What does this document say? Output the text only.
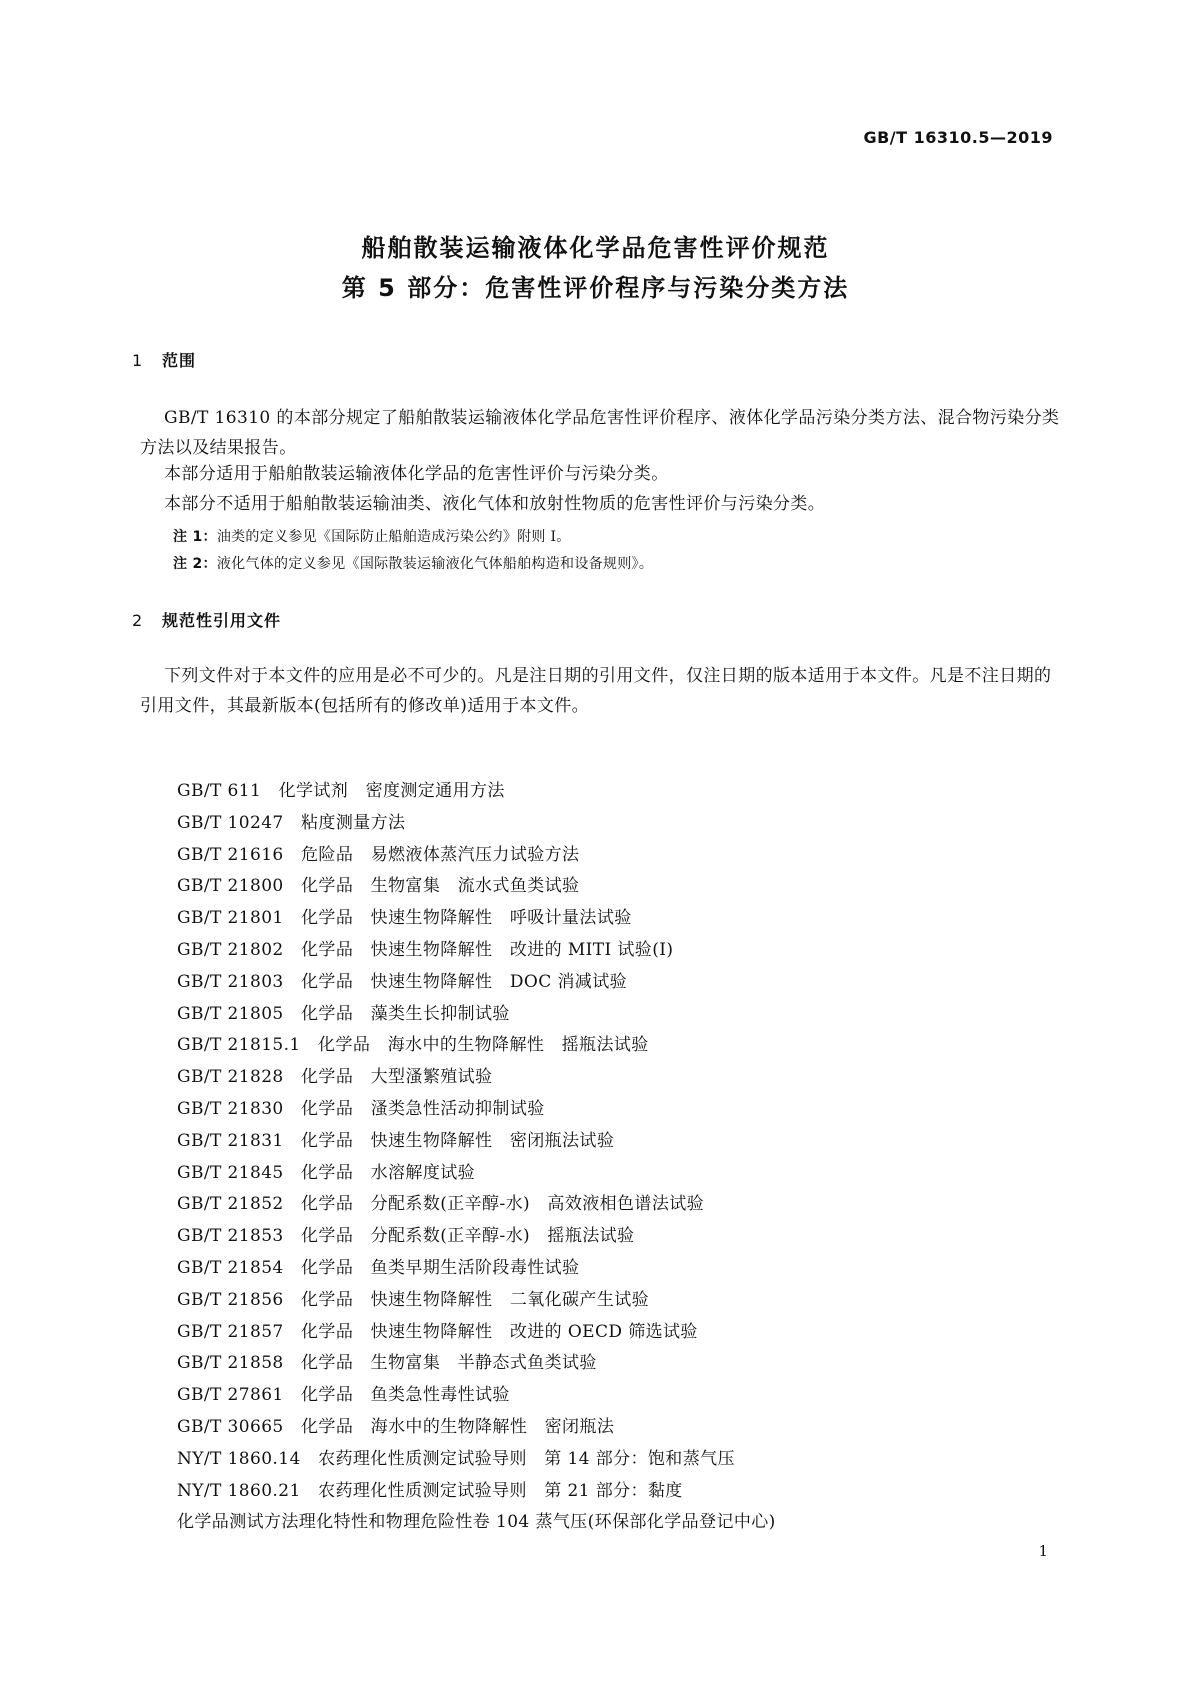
GB/T 16310.5—2019
船舶散装运输液体化学品危害性评价规范
第 5 部分：危害性评价程序与污染分类方法
1 范围
GB/T 16310 的本部分规定了船舶散装运输液体化学品危害性评价程序、液体化学品污染分类方法、混合物污染分类方法以及结果报告。
本部分适用于船舶散装运输液体化学品的危害性评价与污染分类。
本部分不适用于船舶散装运输油类、液化气体和放射性物质的危害性评价与污染分类。
注 1：油类的定义参见《国际防止船舶造成污染公约》附则 I。
注 2：液化气体的定义参见《国际散装运输液化气体船舶构造和设备规则》。
2 规范性引用文件
下列文件对于本文件的应用是必不可少的。凡是注日期的引用文件，仅注日期的版本适用于本文件。凡是不注日期的引用文件，其最新版本(包括所有的修改单)适用于本文件。
GB/T 611　化学试剂　密度测定通用方法
GB/T 10247　粘度测量方法
GB/T 21616　危险品　易燃液体蒸汽压力试验方法
GB/T 21800　化学品　生物富集　流水式鱼类试验
GB/T 21801　化学品　快速生物降解性　呼吸计量法试验
GB/T 21802　化学品　快速生物降解性　改进的 MITI 试验(I)
GB/T 21803　化学品　快速生物降解性　DOC 消减试验
GB/T 21805　化学品　藻类生长抑制试验
GB/T 21815.1　化学品　海水中的生物降解性　摇瓶法试验
GB/T 21828　化学品　大型溞繁殖试验
GB/T 21830　化学品　溞类急性活动抑制试验
GB/T 21831　化学品　快速生物降解性　密闭瓶法试验
GB/T 21845　化学品　水溶解度试验
GB/T 21852　化学品　分配系数(正辛醇-水)　高效液相色谱法试验
GB/T 21853　化学品　分配系数(正辛醇-水)　摇瓶法试验
GB/T 21854　化学品　鱼类早期生活阶段毒性试验
GB/T 21856　化学品　快速生物降解性　二氧化碳产生试验
GB/T 21857　化学品　快速生物降解性　改进的 OECD 筛选试验
GB/T 21858　化学品　生物富集　半静态式鱼类试验
GB/T 27861　化学品　鱼类急性毒性试验
GB/T 30665　化学品　海水中的生物降解性　密闭瓶法
NY/T 1860.14　农药理化性质测定试验导则　第 14 部分：饱和蒸气压
NY/T 1860.21　农药理化性质测定试验导则　第 21 部分：黏度
化学品测试方法理化特性和物理危险性卷 104 蒸气压(环保部化学品登记中心)
1
